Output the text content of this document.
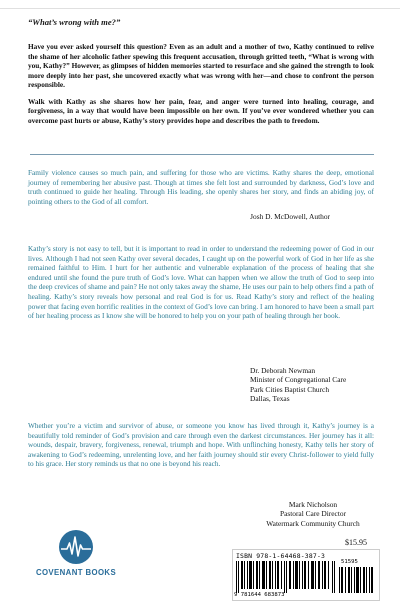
“What’s wrong with me?”

Have you ever asked yourself this question? Even as an adult and a mother of two, Kathy continued to relive the shame of her alcoholic father spewing this frequent accusation, through gritted teeth, “What is wrong with you, Kathy?” However, as glimpses of hidden memories started to resurface and she gained the strength to look more deeply into her past, she uncovered exactly what was wrong with her—and chose to confront the person responsible.

Walk with Kathy as she shares how her pain, fear, and anger were turned into healing, courage, and forgiveness, in a way that would have been impossible on her own. If you’ve ever wondered whether you can overcome past hurts or abuse, Kathy’s story provides hope and describes the path to freedom.

Family violence causes so much pain, and suffering for those who are victims. Kathy shares the deep, emotional journey of remembering her abusive past. Though at times she felt lost and surrounded by darkness, God’s love and truth continued to guide her healing. Through His leading, she openly shares her story, and finds an abiding joy, of pointing others to the God of all comfort.

Josh D. McDowell, Author

Kathy’s story is not easy to tell, but it is important to read in order to understand the redeeming power of God in our lives. Although I had not seen Kathy over several decades, I caught up on the powerful work of God in her life as she remained faithful to Him. I hurt for her authentic and vulnerable explanation of the process of healing that she endured until she found the pure truth of God’s love. What can happen when we allow the truth of God to seep into the deep crevices of shame and pain? He not only takes away the shame, He uses our pain to help others find a path of healing. Kathy’s story reveals how personal and real God is for us. Read Kathy’s story and reflect of the healing power that facing even horrific realities in the context of God’s love can bring. I am honored to have been a small part of her healing process as I know she will be honored to help you on your path of healing through her book.

Dr. Deborah Newman
Minister of Congregational Care
Park Cities Baptist Church
Dallas, Texas

Whether you’re a victim and survivor of abuse, or someone you know has lived through it, Kathy’s journey is a beautifully told reminder of God’s provision and care through even the darkest circumstances. Her journey has it all: wounds, despair, bravery, forgiveness, renewal, triumph and hope. With unflinching honesty, Kathy tells her story of awakening to God’s redeeming, unrelenting love, and her faith journey should stir every Christ-follower to yield fully to his grace. Her story reminds us that no one is beyond his reach.

Mark Nicholson
Pastoral Care Director
Watermark Community Church
$15.95
COVENANT BOOKS
ISBN 978-1-64468-387-3
51595
9 781644 683873
